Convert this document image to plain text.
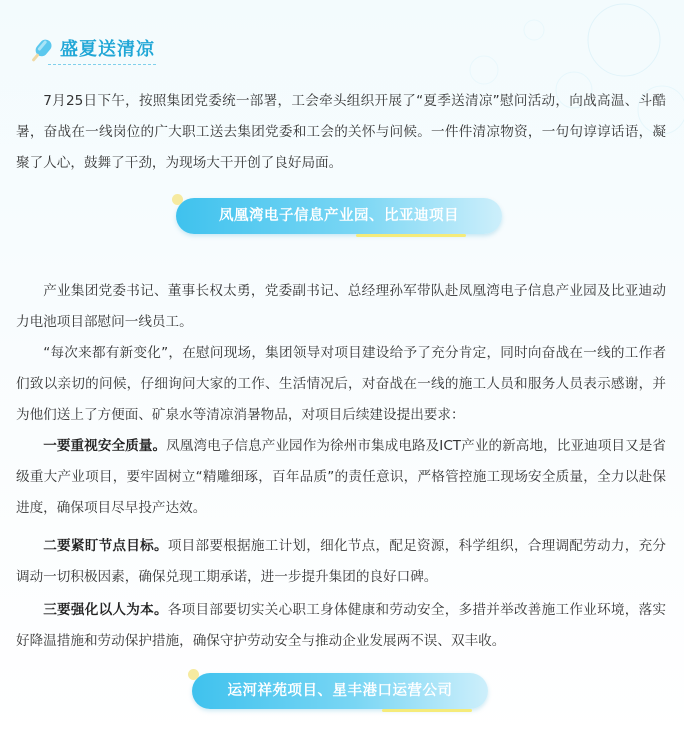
盛夏送清凉

7月25日下午，按照集团党委统一部署，工会牵头组织开展了“夏季送清凉”慰问活动，向战高温、斗酷暑，奋战在一线岗位的广大职工送去集团党委和工会的关怀与问候。一件件清凉物资，一句句谆谆话语，凝聚了人心，鼓舞了干劲，为现场大干开创了良好局面。

凤凰湾电子信息产业园、比亚迪项目

产业集团党委书记、董事长权太勇，党委副书记、总经理孙军带队赴凤凰湾电子信息产业园及比亚迪动力电池项目部慰问一线员工。

“每次来都有新变化”，在慰问现场，集团领导对项目建设给予了充分肯定，同时向奋战在一线的工作者们致以亲切的问候，仔细询问大家的工作、生活情况后，对奋战在一线的施工人员和服务人员表示感谢，并为他们送上了方便面、矿泉水等清凉消暑物品，对项目后续建设提出要求：

一要重视安全质量。凤凰湾电子信息产业园作为徐州市集成电路及ICT产业的新高地，比亚迪项目又是省级重大产业项目，要牢固树立“精雕细琢，百年品质”的责任意识，严格管控施工现场安全质量，全力以赴保进度，确保项目尽早投产达效。

二要紧盯节点目标。项目部要根据施工计划，细化节点，配足资源，科学组织，合理调配劳动力，充分调动一切积极因素，确保兑现工期承诺，进一步提升集团的良好口碑。

三要强化以人为本。各项目部要切实关心职工身体健康和劳动安全，多措并举改善施工作业环境，落实好降温措施和劳动保护措施，确保守护劳动安全与推动企业发展两不误、双丰收。

运河祥苑项目、星丰港口运营公司
